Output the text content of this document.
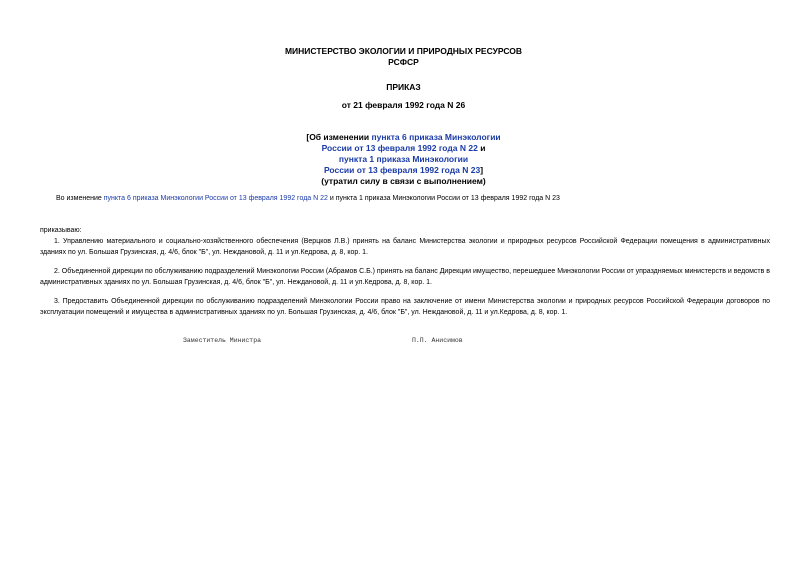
МИНИСТЕРСТВО ЭКОЛОГИИ И ПРИРОДНЫХ РЕСУРСОВ
РСФСР
ПРИКАЗ
от 21 февраля 1992 года N 26
[Об изменении пункта 6 приказа Минэкологии
России от 13 февраля 1992 года N 22 и
пункта 1 приказа Минэкологии
России от 13 февраля 1992 года N 23]
(утратил силу в связи с выполнением)
Во изменение пункта 6 приказа Минэкологии России от 13 февраля 1992 года N 22 и пункта 1 приказа Минэкологии России от 13 февраля 1992 года N 23
приказываю:
1. Управлению материального и социально-хозяйственного обеспечения (Верцков Л.В.) принять на баланс Министерства экологии и природных ресурсов Российской Федерации помещения в административных зданиях по ул. Большая Грузинская, д. 4/6, блок "Б", ул. Неждановой, д. 11 и ул.Кедрова, д. 8, кор. 1.
2. Объединенной дирекции по обслуживанию подразделений Минэкологии России (Абрамов С.Б.) принять на баланс Дирекции имущество, перешедшее Минэкологии России от упраздняемых министерств и ведомств в административных зданиях по ул. Большая Грузинская, д. 4/6, блок "Б", ул. Неждановой, д. 11 и ул.Кедрова, д. 8, кор. 1.
3. Предоставить Объединенной дирекции по обслуживанию подразделений Минэкологии России право на заключение от имени Министерства экологии и природных ресурсов Российской Федерации договоров по эксплуатации помещений и имущества в административных зданиях по ул. Большая Грузинская, д. 4/6, блок "Б", ул. Неждановой, д. 11 и ул.Кедрова, д. 8, кор. 1.
Заместитель Министра	П.П. Анисимов
